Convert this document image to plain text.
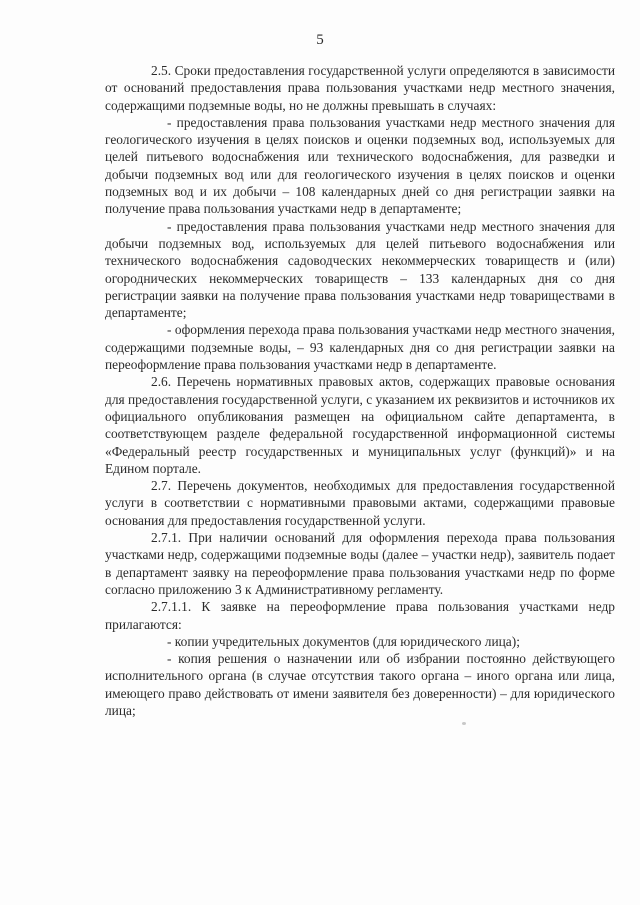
5

2.5. Сроки предоставления государственной услуги определяются в зависимости от оснований предоставления права пользования участками недр местного значения, содержащими подземные воды, но не должны превышать в случаях:

- предоставления права пользования участками недр местного значения для геологического изучения в целях поисков и оценки подземных вод, используемых для целей питьевого водоснабжения или технического водоснабжения, для разведки и добычи подземных вод или для геологического изучения в целях поисков и оценки подземных вод и их добычи – 108 календарных дней со дня регистрации заявки на получение права пользования участками недр в департаменте;

- предоставления права пользования участками недр местного значения для добычи подземных вод, используемых для целей питьевого водоснабжения или технического водоснабжения садоводческих некоммерческих товариществ и (или) огороднических некоммерческих товариществ – 133 календарных дня со дня регистрации заявки на получение права пользования участками недр товариществами в департаменте;

- оформления перехода права пользования участками недр местного значения, содержащими подземные воды, – 93 календарных дня со дня регистрации заявки на переоформление права пользования участками недр в департаменте.

2.6. Перечень нормативных правовых актов, содержащих правовые основания для предоставления государственной услуги, с указанием их реквизитов и источников их официального опубликования размещен на официальном сайте департамента, в соответствующем разделе федеральной государственной информационной системы «Федеральный реестр государственных и муниципальных услуг (функций)» и на Едином портале.

2.7. Перечень документов, необходимых для предоставления государственной услуги в соответствии с нормативными правовыми актами, содержащими правовые основания для предоставления государственной услуги.

2.7.1. При наличии оснований для оформления перехода права пользования участками недр, содержащими подземные воды (далее – участки недр), заявитель подает в департамент заявку на переоформление права пользования участками недр по форме согласно приложению 3 к Административному регламенту.

2.7.1.1. К заявке на переоформление права пользования участками недр прилагаются:

- копии учредительных документов (для юридического лица);

- копия решения о назначении или об избрании постоянно действующего исполнительного органа (в случае отсутствия такого органа – иного органа или лица, имеющего право действовать от имени заявителя без доверенности) – для юридического лица;
